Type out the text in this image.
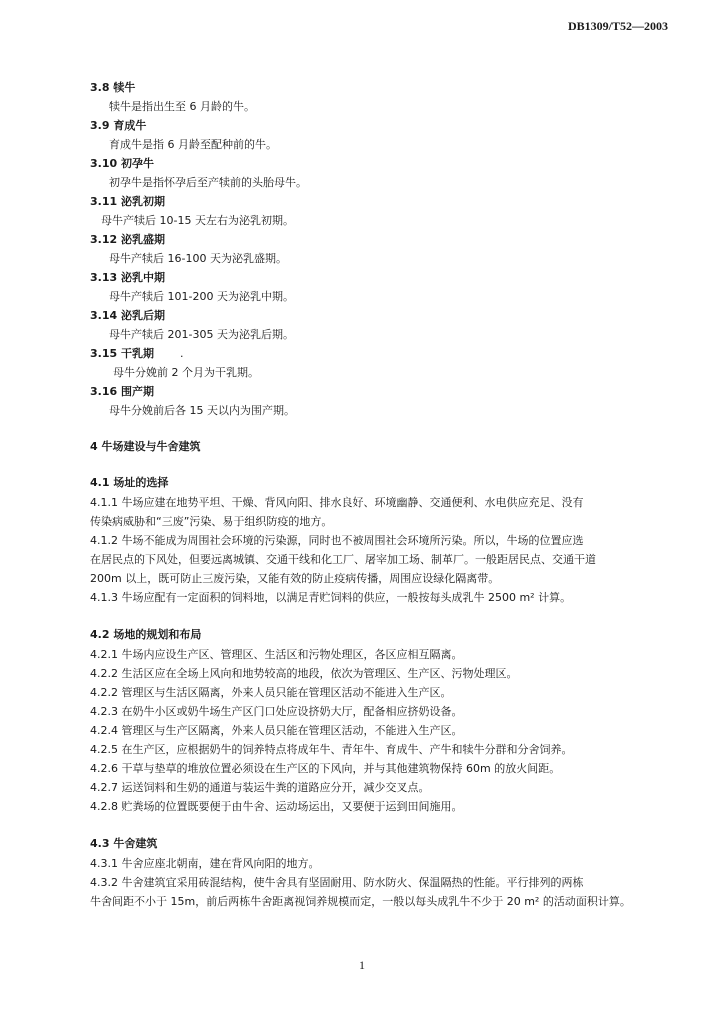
DB1309/T52—2003
3.8 犊牛
犊牛是指出生至 6 月龄的牛。
3.9 育成牛
育成牛是指 6 月龄至配种前的牛。
3.10 初孕牛
初孕牛是指怀孕后至产犊前的头胎母牛。
3.11 泌乳初期
母牛产犊后 10-15 天左右为泌乳初期。
3.12 泌乳盛期
母牛产犊后 16-100 天为泌乳盛期。
3.13 泌乳中期
母牛产犊后 101-200 天为泌乳中期。
3.14 泌乳后期
母牛产犊后 201-305 天为泌乳后期。
3.15 干乳期 .
母牛分娩前 2 个月为干乳期。
3.16 围产期
母牛分娩前后各 15 天以内为围产期。
4 牛场建设与牛舍建筑
4.1 场址的选择
4.1.1 牛场应建在地势平坦、干燥、背风向阳、排水良好、环境幽静、交通便利、水电供应充足、没有
传染病威胁和“三废”污染、易于组织防疫的地方。
4.1.2 牛场不能成为周围社会环境的污染源，同时也不被周围社会环境所污染。所以，牛场的位置应选
在居民点的下风处，但要远离城镇、交通干线和化工厂、屠宰加工场、制革厂。一般距居民点、交通干道
200m 以上，既可防止三废污染，又能有效的防止疫病传播，周围应设绿化隔离带。
4.1.3 牛场应配有一定面积的饲料地，以满足青贮饲料的供应，一般按每头成乳牛 2500 m² 计算。
4.2 场地的规划和布局
4.2.1 牛场内应设生产区、管理区、生活区和污物处理区，各区应相互隔离。
4.2.2 生活区应在全场上风向和地势较高的地段，依次为管理区、生产区、污物处理区。
4.2.2 管理区与生活区隔离，外来人员只能在管理区活动不能进入生产区。
4.2.3 在奶牛小区或奶牛场生产区门口处应设挤奶大厅，配备相应挤奶设备。
4.2.4 管理区与生产区隔离，外来人员只能在管理区活动，不能进入生产区。
4.2.5 在生产区，应根据奶牛的饲养特点将成年牛、青年牛、育成牛、产牛和犊牛分群和分舍饲养。
4.2.6 干草与垫草的堆放位置必须设在生产区的下风向，并与其他建筑物保持 60m 的放火间距。
4.2.7 运送饲料和生奶的通道与装运牛粪的道路应分开，减少交叉点。
4.2.8 贮粪场的位置既要便于由牛舍、运动场运出，又要便于运到田间施用。
4.3 牛舍建筑
4.3.1 牛舍应座北朝南，建在背风向阳的地方。
4.3.2 牛舍建筑宜采用砖混结构，使牛舍具有坚固耐用、防水防火、保温隔热的性能。平行排列的两栋
牛舍间距不小于 15m，前后两栋牛舍距离视饲养规模而定，一般以每头成乳牛不少于 20 m² 的活动面积计算。
1
